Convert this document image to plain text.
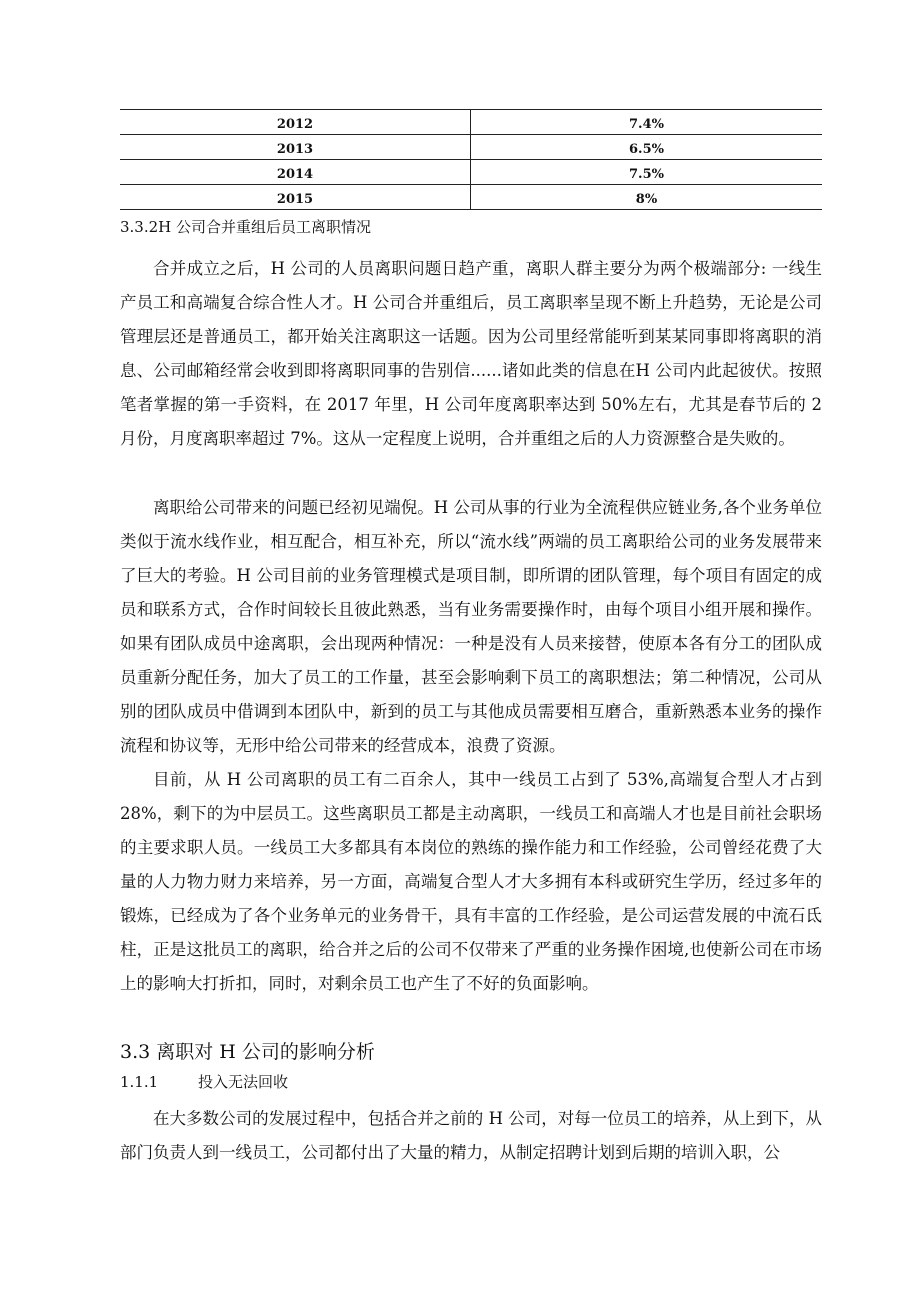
2012	7.4%
2013	6.5%
2014	7.5%
2015	8%
3.3.2H 公司合并重组后员工离职情况

合并成立之后，H 公司的人员离职问题日趋产重，离职人群主要分为两个极端部分: 一线生产员工和高端复合综合性人才。H 公司合并重组后，员工离职率呈现不断上升趋势，无论是公司管理层还是普通员工，都开始关注离职这一话题。因为公司里经常能听到某某同事即将离职的消息、公司邮箱经常会收到即将离职同事的告别信......诸如此类的信息在H 公司内此起彼伏。按照笔者掌握的第一手资料，在 2017 年里，H 公司年度离职率达到 50%左右，尤其是春节后的 2 月份，月度离职率超过 7%。这从一定程度上说明，合并重组之后的人力资源整合是失败的。

离职给公司带来的问题已经初见端倪。H 公司从事的行业为全流程供应链业务,各个业务单位类似于流水线作业，相互配合，相互补充，所以“流水线”两端的员工离职给公司的业务发展带来了巨大的考验。H 公司目前的业务管理模式是项目制，即所谓的团队管理，每个项目有固定的成员和联系方式，合作时间较长且彼此熟悉，当有业务需要操作时，由每个项目小组开展和操作。如果有团队成员中途离职，会出现两种情况：一种是没有人员来接替，使原本各有分工的团队成员重新分配任务，加大了员工的工作量，甚至会影响剩下员工的离职想法；第二种情况，公司从别的团队成员中借调到本团队中，新到的员工与其他成员需要相互磨合，重新熟悉本业务的操作流程和协议等，无形中给公司带来的经营成本，浪费了资源。

目前，从 H 公司离职的员工有二百余人，其中一线员工占到了 53%,高端复合型人才占到28%，剩下的为中层员工。这些离职员工都是主动离职，一线员工和高端人才也是目前社会职场的主要求职人员。一线员工大多都具有本岗位的熟练的操作能力和工作经验，公司曾经花费了大量的人力物力财力来培养，另一方面，高端复合型人才大多拥有本科或研究生学历，经过多年的锻炼，已经成为了各个业务单元的业务骨干，具有丰富的工作经验，是公司运营发展的中流石氐柱，正是这批员工的离职，给合并之后的公司不仅带来了严重的业务操作困境,也使新公司在市场上的影响大打折扣，同时，对剩余员工也产生了不好的负面影响。

3.3 离职对 H 公司的影响分析
1.1.1	投入无法回收

在大多数公司的发展过程中，包括合并之前的 H 公司，对每一位员工的培养，从上到下，从部门负责人到一线员工，公司都付出了大量的精力，从制定招聘计划到后期的培训入职，公
